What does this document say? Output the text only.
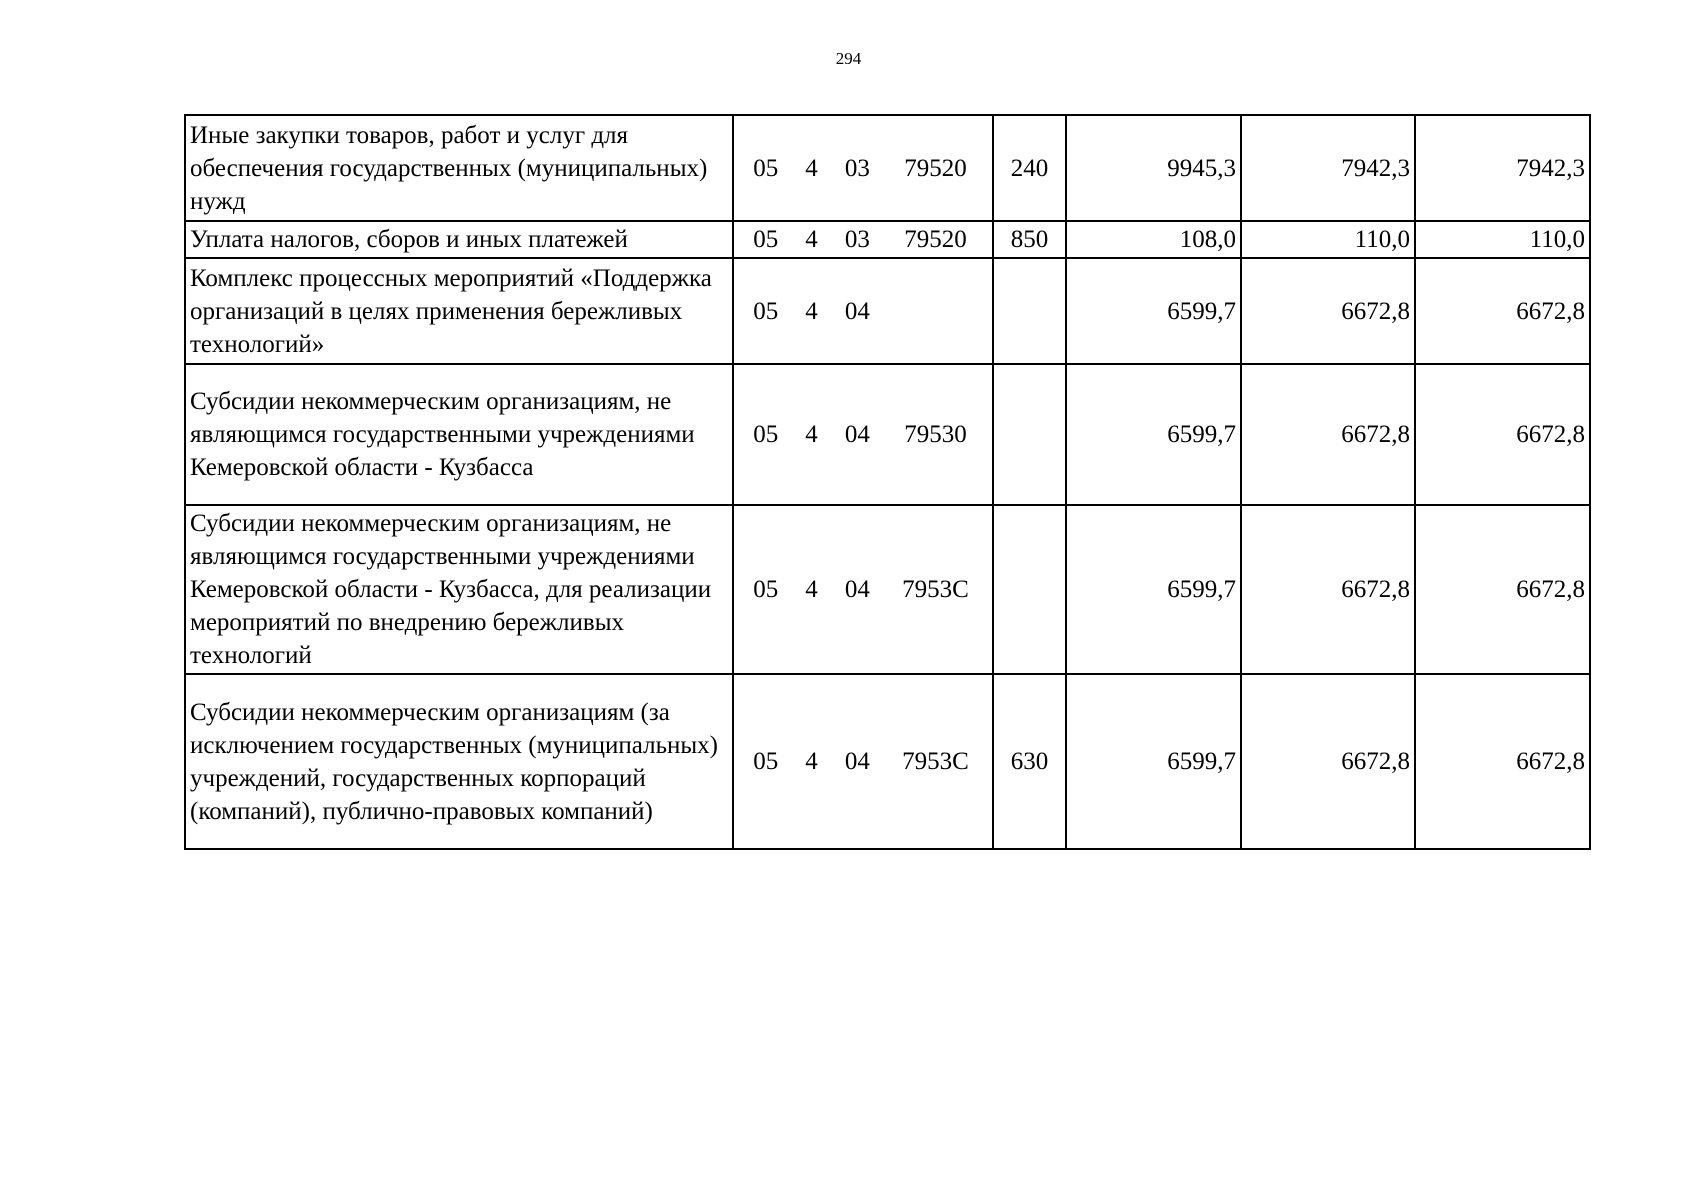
294
Иные закупки товаров, работ и услуг для обеспечения государственных (муниципальных) нужд	05 4 03 79520	240	9945,3	7942,3	7942,3

Уплата налогов, сборов и иных платежей	05 4 03 79520	850	108,0	110,0	110,0

Комплекс процессных мероприятий «Поддержка организаций в целях применения бережливых технологий»	05 4 04		6599,7	6672,8	6672,8

Субсидии некоммерческим организациям, не являющимся государственными учреждениями Кемеровской области - Кузбасса	05 4 04 79530		6599,7	6672,8	6672,8

Субсидии некоммерческим организациям, не являющимся государственными учреждениями Кемеровской области - Кузбасса, для реализации мероприятий по внедрению бережливых технологий	05 4 04 7953С		6599,7	6672,8	6672,8

Субсидии некоммерческим организациям (за исключением государственных (муниципальных) учреждений, государственных корпораций (компаний), публично-правовых компаний)	05 4 04 7953С	630	6599,7	6672,8	6672,8
